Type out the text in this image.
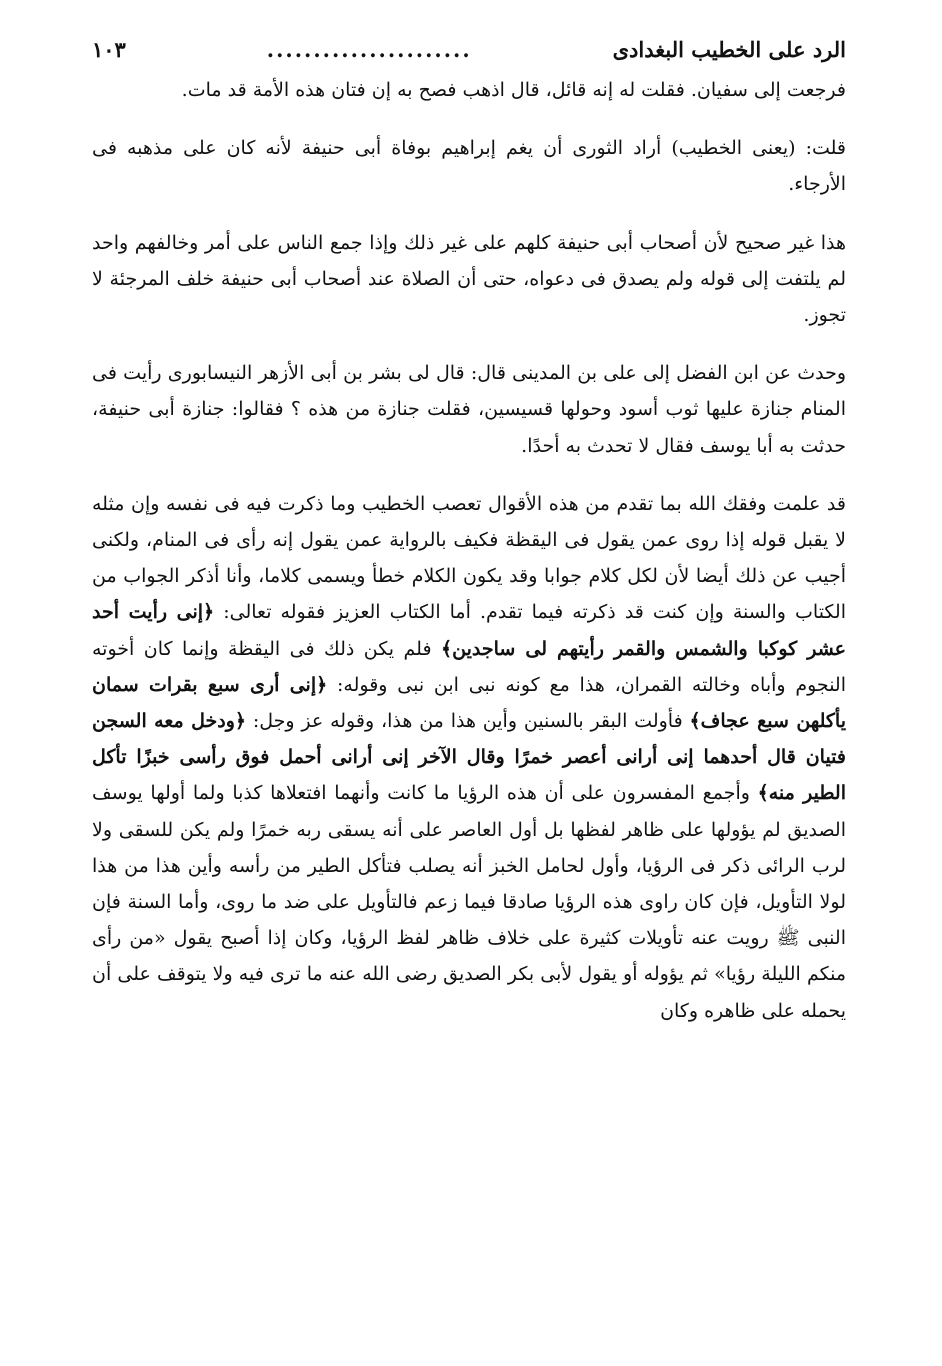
الرد على الخطيب البغدادى
......................
١٠٣

فرجعت إلى سفيان. فقلت له إنه قائل، قال اذهب فصح به إن فتان هذه الأمة قد مات.

قلت: (يعنى الخطيب) أراد الثورى أن يغم إبراهيم بوفاة أبى حنيفة لأنه كان على مذهبه فى الأرجاء.

هذا غير صحيح لأن أصحاب أبى حنيفة كلهم على غير ذلك وإذا جمع الناس على أمر وخالفهم واحد لم يلتفت إلى قوله ولم يصدق فى دعواه، حتى أن الصلاة عند أصحاب أبى حنيفة خلف المرجئة لا تجوز.

وحدث عن ابن الفضل إلى على بن المدينى قال: قال لى بشر بن أبى الأزهر النيسابورى رأيت فى المنام جنازة عليها ثوب أسود وحولها قسيسين، فقلت جنازة من هذه ؟ فقالوا: جنازة أبى حنيفة، حدثت به أبا يوسف فقال لا تحدث به أحدًا.

قد علمت وفقك الله بما تقدم من هذه الأقوال تعصب الخطيب وما ذكرت فيه فى نفسه وإن مثله لا يقبل قوله إذا روى عمن يقول فى اليقظة فكيف بالرواية عمن يقول إنه رأى فى المنام، ولكنى أجيب عن ذلك أيضا لأن لكل كلام جوابا وقد يكون الكلام خطأ ويسمى كلاما، وأنا أذكر الجواب من الكتاب والسنة وإن كنت قد ذكرته فيما تقدم. أما الكتاب العزيز فقوله تعالى: ﴿إنى رأيت أحد عشر كوكبا والشمس والقمر رأيتهم لى ساجدين﴾ فلم يكن ذلك فى اليقظة وإنما كان أخوته النجوم وأباه وخالته القمران، هذا مع كونه نبى ابن نبى وقوله: ﴿إنى أرى سبع بقرات سمان يأكلهن سبع عجاف﴾ فأولت البقر بالسنين وأين هذا من هذا، وقوله عز وجل: ﴿ودخل معه السجن فتيان قال أحدهما إنى أرانى أعصر خمرًا وقال الآخر إنى أرانى أحمل فوق رأسى خبزًا تأكل الطير منه﴾ وأجمع المفسرون على أن هذه الرؤيا ما كانت وأنهما افتعلاها كذبا ولما أولها يوسف الصديق لم يؤولها على ظاهر لفظها بل أول العاصر على أنه يسقى ربه خمرًا ولم يكن للسقى ولا لرب الرائى ذكر فى الرؤيا، وأول لحامل الخبز أنه يصلب فتأكل الطير من رأسه وأين هذا من هذا لولا التأويل، فإن كان راوى هذه الرؤيا صادقا فيما زعم فالتأويل على ضد ما روى، وأما السنة فإن النبى ﷺ رويت عنه تأويلات كثيرة على خلاف ظاهر لفظ الرؤيا، وكان إذا أصبح يقول «من رأى منكم الليلة رؤيا» ثم يؤوله أو يقول لأبى بكر الصديق رضى الله عنه ما ترى فيه ولا يتوقف على أن يحمله على ظاهره وكان
